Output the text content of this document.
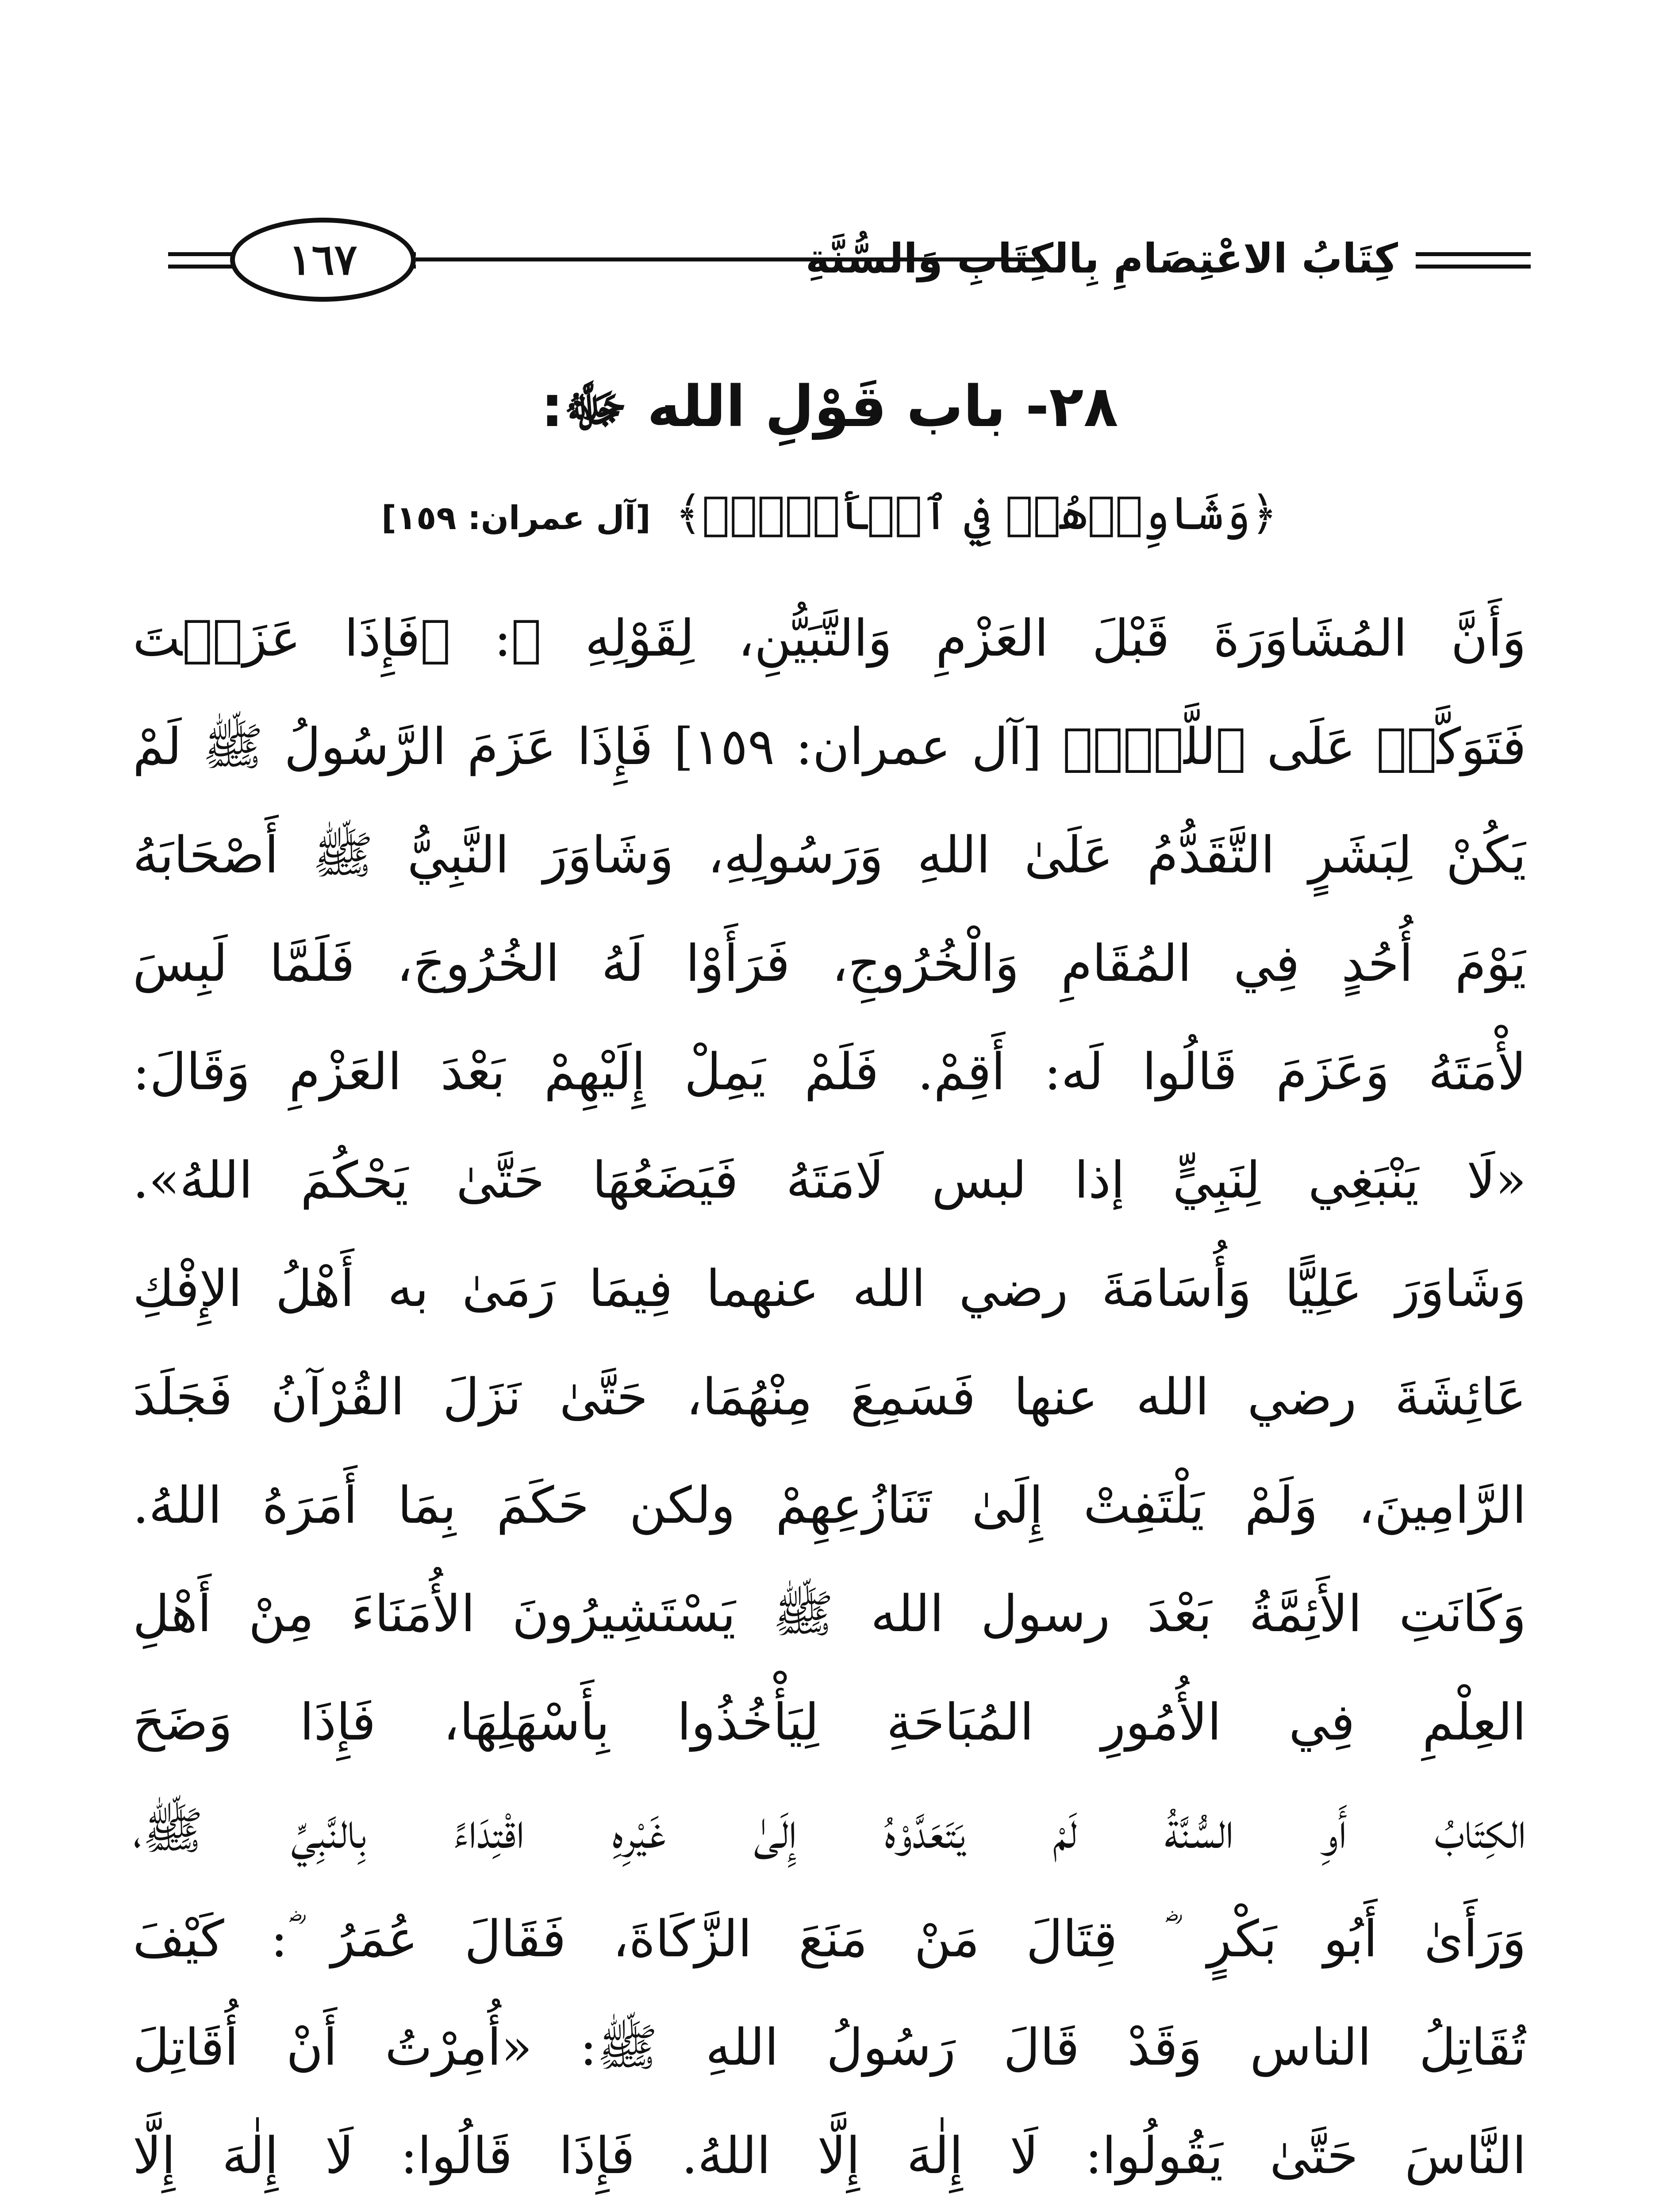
١٦٧	كِتَابُ الاعْتِصَامِ بِالكِتَابِ وَالسُّنَّةِ
٢٨- باب قَوْلِ الله ﷻ:
﴿وَشَاوِرۡهُمۡ فِي ٱلۡأَمۡرِۖ﴾ [آل عمران: ١٥٩]
وَأَنَّ المُشَاوَرَةَ قَبْلَ العَزْمِ وَالتَّبَيُّنِ، لِقَوْلِهِ ﷻ: ﴿فَإِذَا عَزَمۡتَ
فَتَوَكَّلۡ عَلَى ٱللَّهِۚ﴾ [آل عمران: ١٥٩] فَإِذَا عَزَمَ الرَّسُولُ ﷺ لَمْ
يَكُنْ لِبَشَرٍ التَّقَدُّمُ عَلَىٰ اللهِ وَرَسُولِهِ، وَشَاوَرَ النَّبِيُّ ﷺ أَصْحَابَهُ
يَوْمَ أُحُدٍ فِي المُقَامِ وَالْخُرُوجِ، فَرَأَوْا لَهُ الخُرُوجَ، فَلَمَّا لَبِسَ
لأْمَتَهُ وَعَزَمَ قَالُوا لَه: أَقِمْ. فَلَمْ يَمِلْ إِلَيْهِمْ بَعْدَ العَزْمِ وَقَالَ:
«لَا يَنْبَغِي لِنَبِيٍّ إذا لبس لَامَتَهُ فَيَضَعُهَا حَتَّىٰ يَحْكُمَ اللهُ».
وَشَاوَرَ عَلِيًّا وَأُسَامَةَ رضي الله عنهما فِيمَا رَمَىٰ به أَهْلُ الإِفْكِ
عَائِشَةَ رضي الله عنها فَسَمِعَ مِنْهُمَا، حَتَّىٰ نَزَلَ القُرْآنُ فَجَلَدَ
الرَّامِينَ، وَلَمْ يَلْتَفِتْ إِلَىٰ تَنَازُعِهِمْ ولكن حَكَمَ بِمَا أَمَرَهُ اللهُ.
وَكَانَتِ الأَئِمَّةُ بَعْدَ رسول الله ﷺ يَسْتَشِيرُونَ الأُمَنَاءَ مِنْ أَهْلِ
العِلْمِ فِي الأُمُورِ المُبَاحَةِ لِيَأْخُذُوا بِأَسْهَلِهَا، فَإِذَا وَضَحَ
الكِتَابُ أَوِ السُّنَّةُ لَمْ يَتَعَدَّوْهُ إِلَىٰ غَيْرِهِ اقْتِدَاءً بِالنَّبِيِّ ﷺ،
وَرَأَىٰ أَبُو بَكْرٍ ؓ قِتَالَ مَنْ مَنَعَ الزَّكَاةَ، فَقَالَ عُمَرُ ؓ: كَيْفَ
تُقَاتِلُ الناس وَقَدْ قَالَ رَسُولُ اللهِ ﷺ: «أُمِرْتُ أَنْ أُقَاتِلَ
النَّاسَ حَتَّىٰ يَقُولُوا: لَا إِلٰهَ إِلَّا اللهُ. فَإِذَا قَالُوا: لَا إِلٰهَ إِلَّا
